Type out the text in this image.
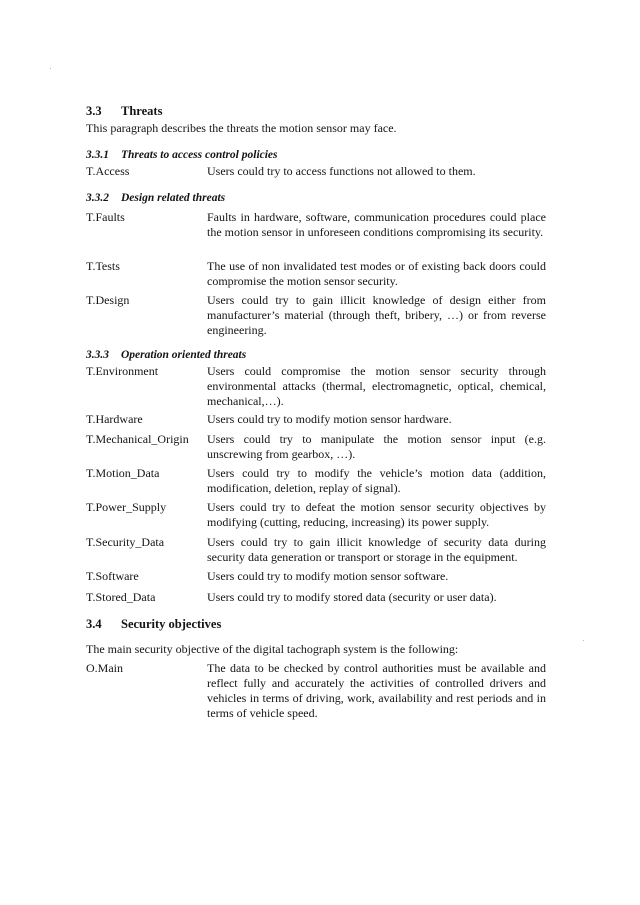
3.3 Threats
This paragraph describes the threats the motion sensor may face.
3.3.1 Threats to access control policies
T.Access	Users could try to access functions not allowed to them.
3.3.2 Design related threats
T.Faults	Faults in hardware, software, communication procedures could place the motion sensor in unforeseen conditions compromising its security.
T.Tests	The use of non invalidated test modes or of existing back doors could compromise the motion sensor security.
T.Design	Users could try to gain illicit knowledge of design either from manufacturer’s material (through theft, bribery, …) or from reverse engineering.
3.3.3 Operation oriented threats
T.Environment	Users could compromise the motion sensor security through environmental attacks (thermal, electromagnetic, optical, chemical, mechanical,…).
T.Hardware	Users could try to modify motion sensor hardware.
T.Mechanical_Origin	Users could try to manipulate the motion sensor input (e.g. unscrewing from gearbox, …).
T.Motion_Data	Users could try to modify the vehicle’s motion data (addition, modification, deletion, replay of signal).
T.Power_Supply	Users could try to defeat the motion sensor security objectives by modifying (cutting, reducing, increasing) its power supply.
T.Security_Data	Users could try to gain illicit knowledge of security data during security data generation or transport or storage in the equipment.
T.Software	Users could try to modify motion sensor software.
T.Stored_Data	Users could try to modify stored data (security or user data).
3.4 Security objectives
The main security objective of the digital tachograph system is the following:
O.Main	The data to be checked by control authorities must be available and reflect fully and accurately the activities of controlled drivers and vehicles in terms of driving, work, availability and rest periods and in terms of vehicle speed.
